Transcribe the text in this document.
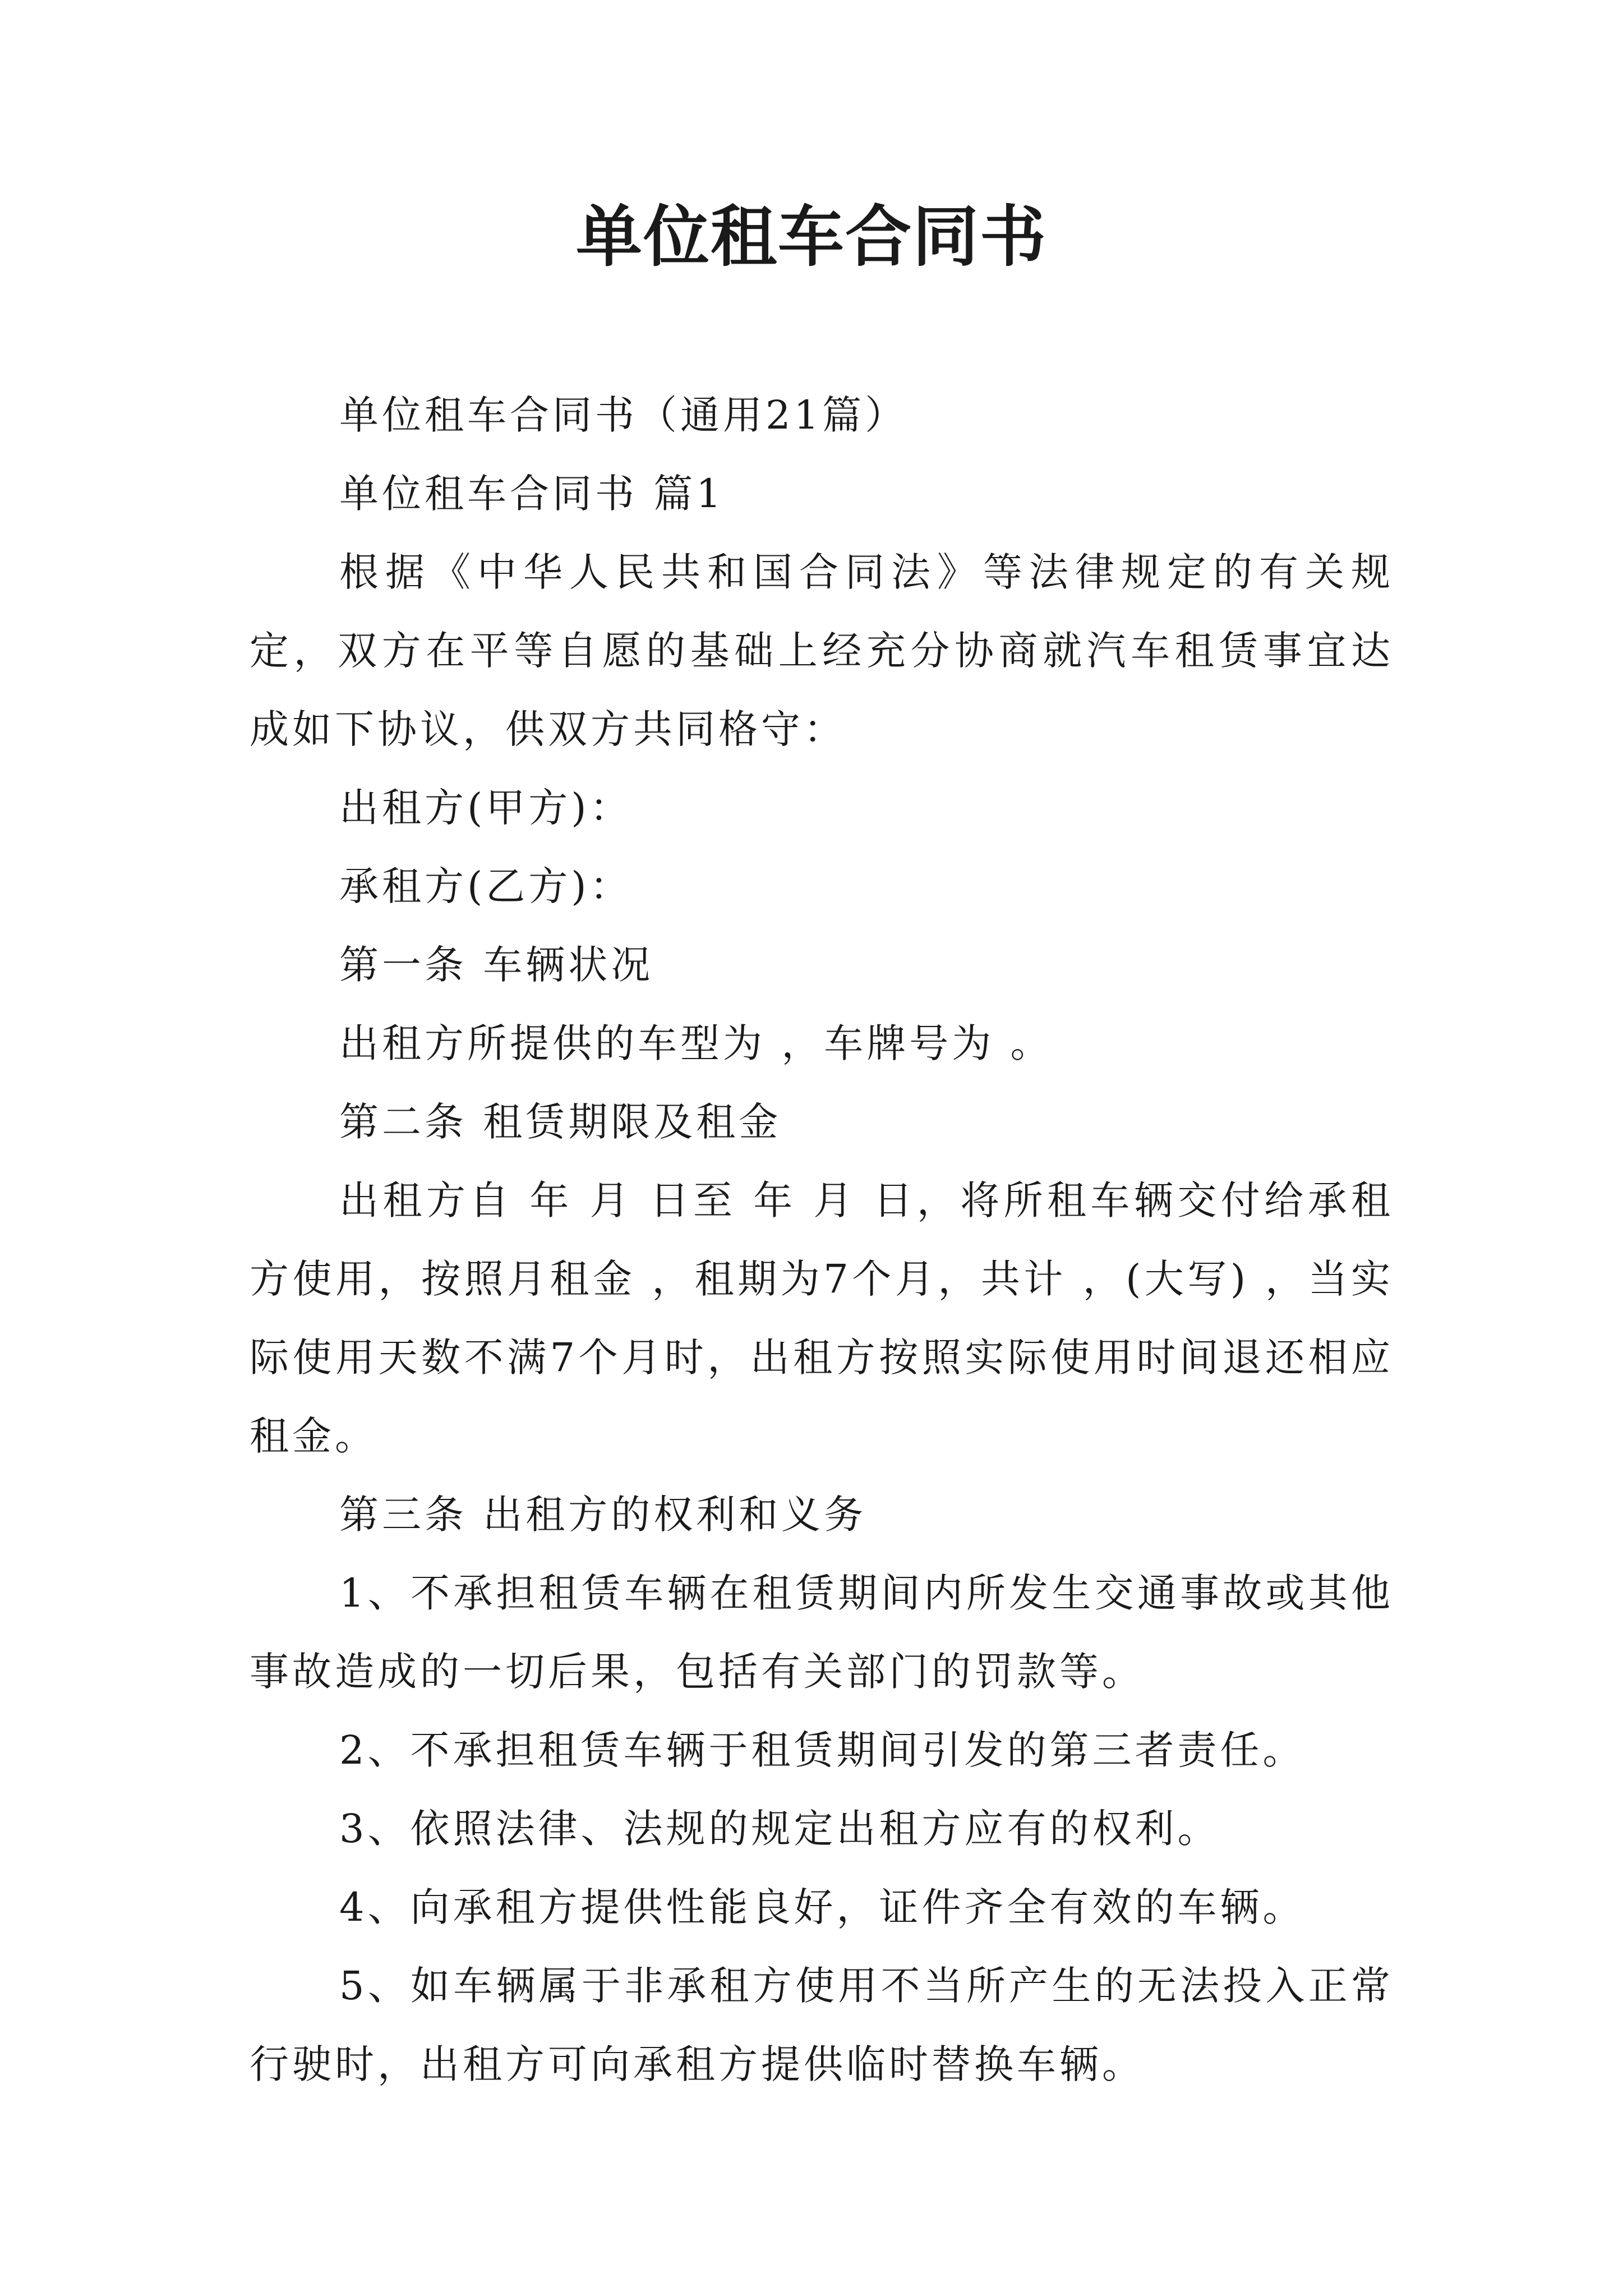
单位租车合同书

单位租车合同书（通用21篇）

单位租车合同书 篇1

根据《中华人民共和国合同法》等法律规定的有关规定，双方在平等自愿的基础上经充分协商就汽车租赁事宜达成如下协议，供双方共同格守：

出租方(甲方)：

承租方(乙方)：

第一条 车辆状况

出租方所提供的车型为 ，车牌号为 。

第二条 租赁期限及租金

出租方自 年 月 日至 年 月 日，将所租车辆交付给承租方使用，按照月租金 ，租期为7个月，共计 ，(大写) ，当实际使用天数不满7个月时，出租方按照实际使用时间退还相应租金。

第三条 出租方的权利和义务

1、不承担租赁车辆在租赁期间内所发生交通事故或其他事故造成的一切后果，包括有关部门的罚款等。

2、不承担租赁车辆于租赁期间引发的第三者责任。

3、依照法律、法规的规定出租方应有的权利。

4、向承租方提供性能良好，证件齐全有效的车辆。

5、如车辆属于非承租方使用不当所产生的无法投入正常行驶时，出租方可向承租方提供临时替换车辆。
